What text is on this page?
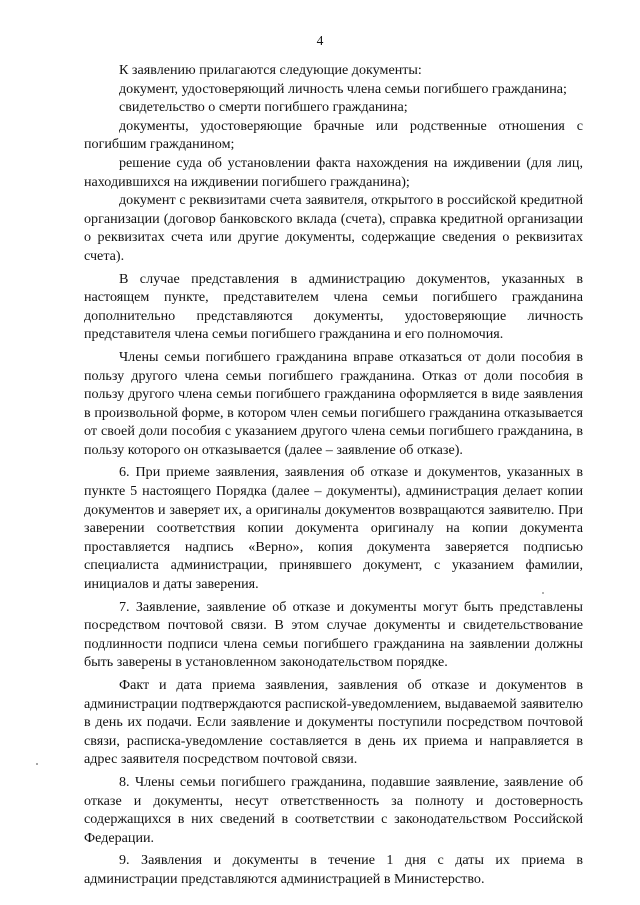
4

К заявлению прилагаются следующие документы:

документ, удостоверяющий личность члена семьи погибшего гражданина;

свидетельство о смерти погибшего гражданина;

документы, удостоверяющие брачные или родственные отношения с погибшим гражданином;

решение суда об установлении факта нахождения на иждивении (для лиц, находившихся на иждивении погибшего гражданина);

документ с реквизитами счета заявителя, открытого в российской кредитной организации (договор банковского вклада (счета), справка кредитной организации о реквизитах счета или другие документы, содержащие сведения о реквизитах счета).

В случае представления в администрацию документов, указанных в настоящем пункте, представителем члена семьи погибшего гражданина дополнительно представляются документы, удостоверяющие личность представителя члена семьи погибшего гражданина и его полномочия.

Члены семьи погибшего гражданина вправе отказаться от доли пособия в пользу другого члена семьи погибшего гражданина. Отказ от доли пособия в пользу другого члена семьи погибшего гражданина оформляется в виде заявления в произвольной форме, в котором член семьи погибшего гражданина отказывается от своей доли пособия с указанием другого члена семьи погибшего гражданина, в пользу которого он отказывается (далее – заявление об отказе).

6. При приеме заявления, заявления об отказе и документов, указанных в пункте 5 настоящего Порядка (далее – документы), администрация делает копии документов и заверяет их, а оригиналы документов возвращаются заявителю. При заверении соответствия копии документа оригиналу на копии документа проставляется надпись «Верно», копия документа заверяется подписью специалиста администрации, принявшего документ, с указанием фамилии, инициалов и даты заверения.

7. Заявление, заявление об отказе и документы могут быть представлены посредством почтовой связи. В этом случае документы и свидетельствование подлинности подписи члена семьи погибшего гражданина на заявлении должны быть заверены в установленном законодательством порядке.

Факт и дата приема заявления, заявления об отказе и документов в администрации подтверждаются распиской-уведомлением, выдаваемой заявителю в день их подачи. Если заявление и документы поступили посредством почтовой связи, расписка-уведомление составляется в день их приема и направляется в адрес заявителя посредством почтовой связи.

8. Члены семьи погибшего гражданина, подавшие заявление, заявление об отказе и документы, несут ответственность за полноту и достоверность содержащихся в них сведений в соответствии с законодательством Российской Федерации.

9. Заявления и документы в течение 1 дня с даты их приема в администрации представляются администрацией в Министерство.
